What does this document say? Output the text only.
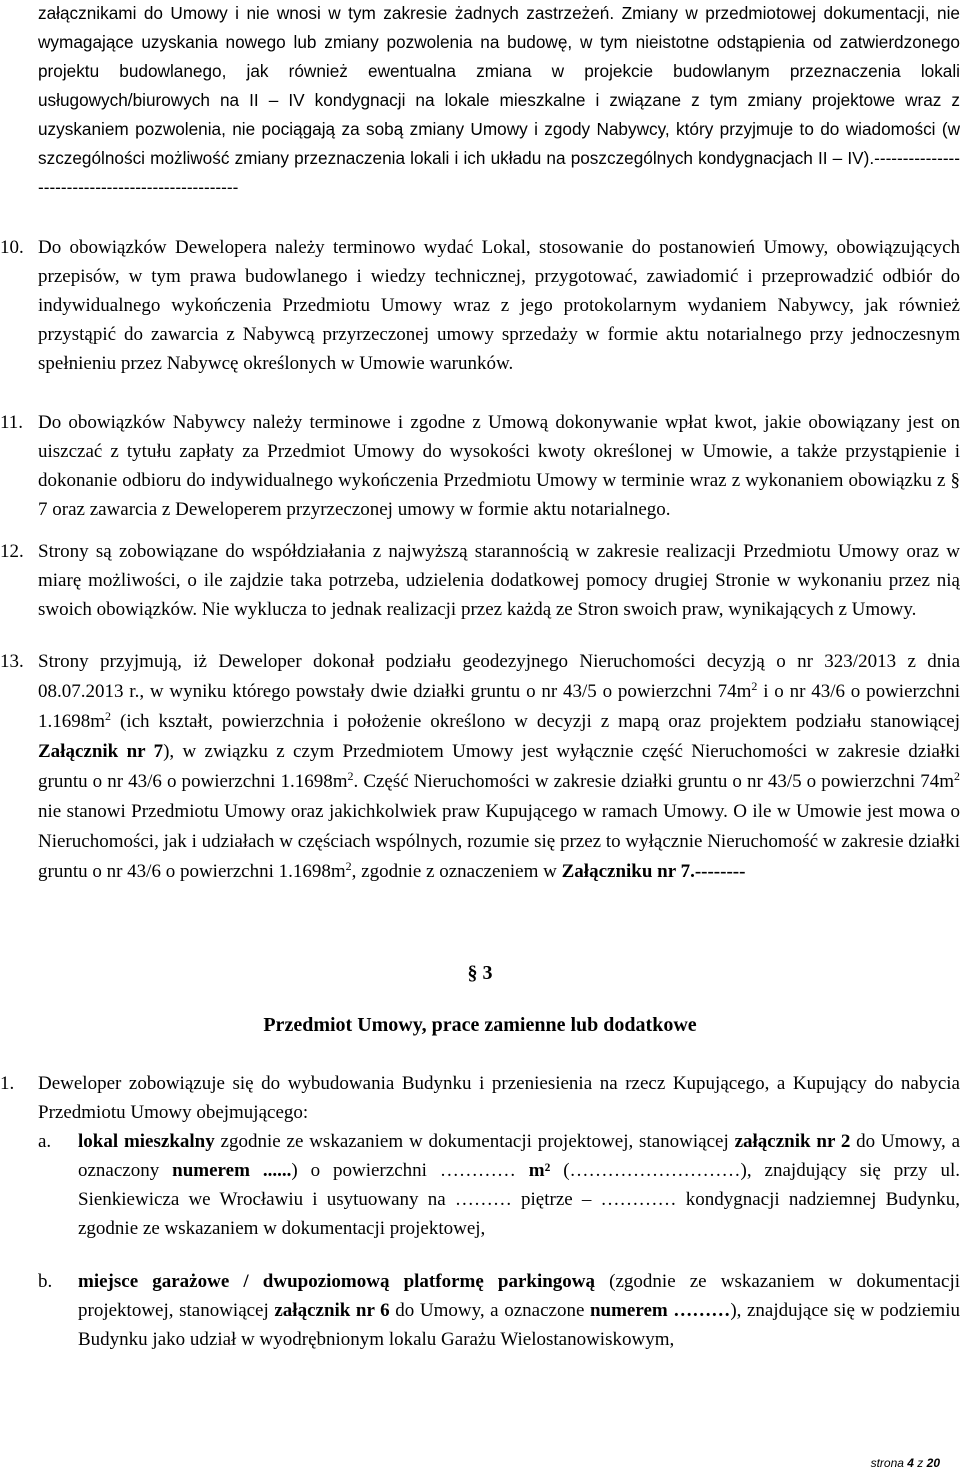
załącznikami do Umowy i nie wnosi w tym zakresie żadnych zastrzeżeń. Zmiany w przedmiotowej dokumentacji, nie wymagające uzyskania nowego lub zmiany pozwolenia na budowę, w tym nieistotne odstąpienia od zatwierdzonego projektu budowlanego, jak również ewentualna zmiana w projekcie budowlanym przeznaczenia lokali usługowych/biurowych na II – IV kondygnacji na lokale mieszkalne i związane z tym zmiany projektowe wraz z uzyskaniem pozwolenia, nie pociągają za sobą zmiany Umowy i zgody Nabywcy, który przyjmuje to do wiadomości (w szczególności możliwość zmiany przeznaczenia lokali i ich układu na poszczególnych kondygnacjach II – IV).--------------------------------------------------

10. Do obowiązków Dewelopera należy terminowo wydać Lokal, stosowanie do postanowień Umowy, obowiązujących przepisów, w tym prawa budowlanego i wiedzy technicznej, przygotować, zawiadomić i przeprowadzić odbiór do indywidualnego wykończenia Przedmiotu Umowy wraz z jego protokolarnym wydaniem Nabywcy, jak również przystąpić do zawarcia z Nabywcą przyrzeczonej umowy sprzedaży w formie aktu notarialnego przy jednoczesnym spełnieniu przez Nabywcę określonych w Umowie warunków.

11. Do obowiązków Nabywcy należy terminowe i zgodne z Umową dokonywanie wpłat kwot, jakie obowiązany jest on uiszczać z tytułu zapłaty za Przedmiot Umowy do wysokości kwoty określonej w Umowie, a także przystąpienie i dokonanie odbioru do indywidualnego wykończenia Przedmiotu Umowy w terminie wraz z wykonaniem obowiązku z § 7 oraz zawarcia z Deweloperem przyrzeczonej umowy w formie aktu notarialnego.

12. Strony są zobowiązane do współdziałania z najwyższą starannością w zakresie realizacji Przedmiotu Umowy oraz w miarę możliwości, o ile zajdzie taka potrzeba, udzielenia dodatkowej pomocy drugiej Stronie w wykonaniu przez nią swoich obowiązków. Nie wyklucza to jednak realizacji przez każdą ze Stron swoich praw, wynikających z Umowy.

13. Strony przyjmują, iż Deweloper dokonał podziału geodezyjnego Nieruchomości decyzją o nr 323/2013 z dnia 08.07.2013 r., w wyniku którego powstały dwie działki gruntu o nr 43/5 o powierzchni $74m^2$ i o nr 43/6 o powierzchni $1.1698m^2$ (ich kształt, powierzchnia i położenie określono w decyzji z mapą oraz projektem podziału stanowiącej Załącznik nr 7), w związku z czym Przedmiotem Umowy jest wyłącznie część Nieruchomości w zakresie działki gruntu o nr 43/6 o powierzchni $1.1698m^2$. Część Nieruchomości w zakresie działki gruntu o nr 43/5 o powierzchni $74m^2$ nie stanowi Przedmiotu Umowy oraz jakichkolwiek praw Kupującego w ramach Umowy. O ile w Umowie jest mowa o Nieruchomości, jak i udziałach w częściach wspólnych, rozumie się przez to wyłącznie Nieruchomość w zakresie działki gruntu o nr 43/6 o powierzchni $1.1698m^2$, zgodnie z oznaczeniem w Załączniku nr 7.--------

§ 3
Przedmiot Umowy, prace zamienne lub dodatkowe
1.	Deweloper zobowiązuje się do wybudowania Budynku i przeniesienia na rzecz Kupującego, a Kupujący do nabycia Przedmiotu Umowy obejmującego:

a.	lokal mieszkalny zgodnie ze wskazaniem w dokumentacji projektowej, stanowiącej załącznik nr 2 do Umowy, a oznaczony numerem ......) o powierzchni ………… m² (………………………), znajdujący się przy ul. Sienkiewicza we Wrocławiu i usytuowany na ……… piętrze – ………… kondygnacji nadziemnej Budynku, zgodnie ze wskazaniem w dokumentacji projektowej,

b.	miejsce garażowe / dwupoziomową platformę parkingową (zgodnie ze wskazaniem w dokumentacji projektowej, stanowiącej załącznik nr 6 do Umowy, a oznaczone numerem ………), znajdujące się w podziemiu Budynku jako udział w wyodrębnionym lokalu Garażu Wielostanowiskowym,

strona 4 z 20
